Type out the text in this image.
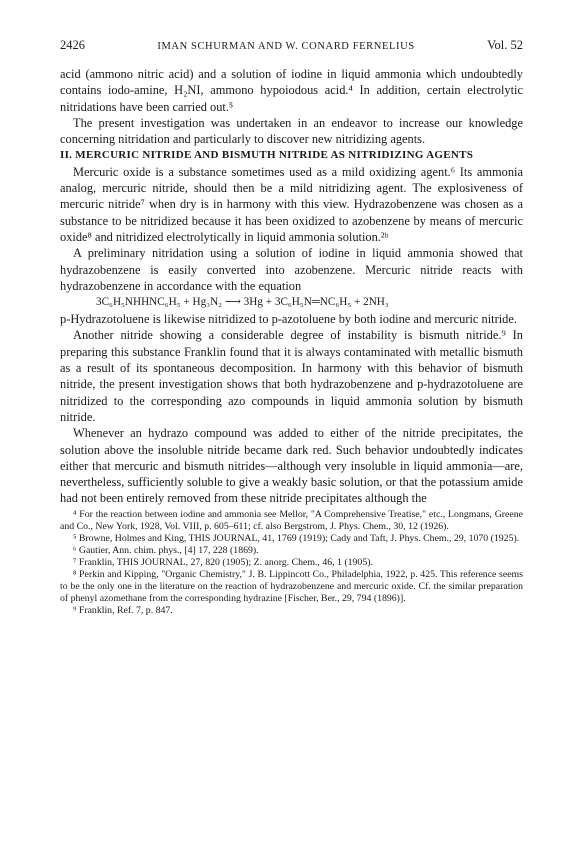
2426	IMAN SCHURMAN AND W. CONARD FERNELIUS	Vol. 52

acid (ammono nitric acid) and a solution of iodine in liquid ammonia which undoubtedly contains iodo-amine, H₂NI, ammono hypoiodous acid.⁴ In addition, certain electrolytic nitridations have been carried out.⁵

The present investigation was undertaken in an endeavor to increase our knowledge concerning nitridation and particularly to discover new nitridizing agents.

II. MERCURIC NITRIDE AND BISMUTH NITRIDE AS NITRIDIZING AGENTS

Mercuric oxide is a substance sometimes used as a mild oxidizing agent.⁶ Its ammonia analog, mercuric nitride, should then be a mild nitridizing agent. The explosiveness of mercuric nitride⁷ when dry is in harmony with this view. Hydrazobenzene was chosen as a substance to be nitridized because it has been oxidized to azobenzene by means of mercuric oxide⁸ and nitridized electrolytically in liquid ammonia solution.²ᵇ

A preliminary nitridation using a solution of iodine in liquid ammonia showed that hydrazobenzene is easily converted into azobenzene. Mercuric nitride reacts with hydrazobenzene in accordance with the equation

3C₆H₅NHHNC₆H₅ + Hg₃N₂ ⟶ 3Hg + 3C₆H₅N═NC₆H₅ + 2NH₃

p-Hydrazotoluene is likewise nitridized to p-azotoluene by both iodine and mercuric nitride.

Another nitride showing a considerable degree of instability is bismuth nitride.⁹ In preparing this substance Franklin found that it is always contaminated with metallic bismuth as a result of its spontaneous decomposition. In harmony with this behavior of bismuth nitride, the present investigation shows that both hydrazobenzene and p-hydrazotoluene are nitridized to the corresponding azo compounds in liquid ammonia solution by bismuth nitride.

Whenever an hydrazo compound was added to either of the nitride precipitates, the solution above the insoluble nitride became dark red. Such behavior undoubtedly indicates either that mercuric and bismuth nitrides—although very insoluble in liquid ammonia—are, nevertheless, sufficiently soluble to give a weakly basic solution, or that the potassium amide had not been entirely removed from these nitride precipitates although the

⁴ For the reaction between iodine and ammonia see Mellor, "A Comprehensive Treatise," etc., Longmans, Greene and Co., New York, 1928, Vol. VIII, p. 605–611; cf. also Bergstrom, J. Phys. Chem., 30, 12 (1926).

⁵ Browne, Holmes and King, THIS JOURNAL, 41, 1769 (1919); Cady and Taft, J. Phys. Chem., 29, 1070 (1925).

⁶ Gautier, Ann. chim. phys., [4] 17, 228 (1869).

⁷ Franklin, THIS JOURNAL, 27, 820 (1905); Z. anorg. Chem., 46, 1 (1905).

⁸ Perkin and Kipping, "Organic Chemistry," J. B. Lippincott Co., Philadelphia, 1922, p. 425. This reference seems to be the only one in the literature on the reaction of hydrazobenzene and mercuric oxide. Cf. the similar preparation of phenyl azomethane from the corresponding hydrazine [Fischer, Ber., 29, 794 (1896)].

⁹ Franklin, Ref. 7, p. 847.
